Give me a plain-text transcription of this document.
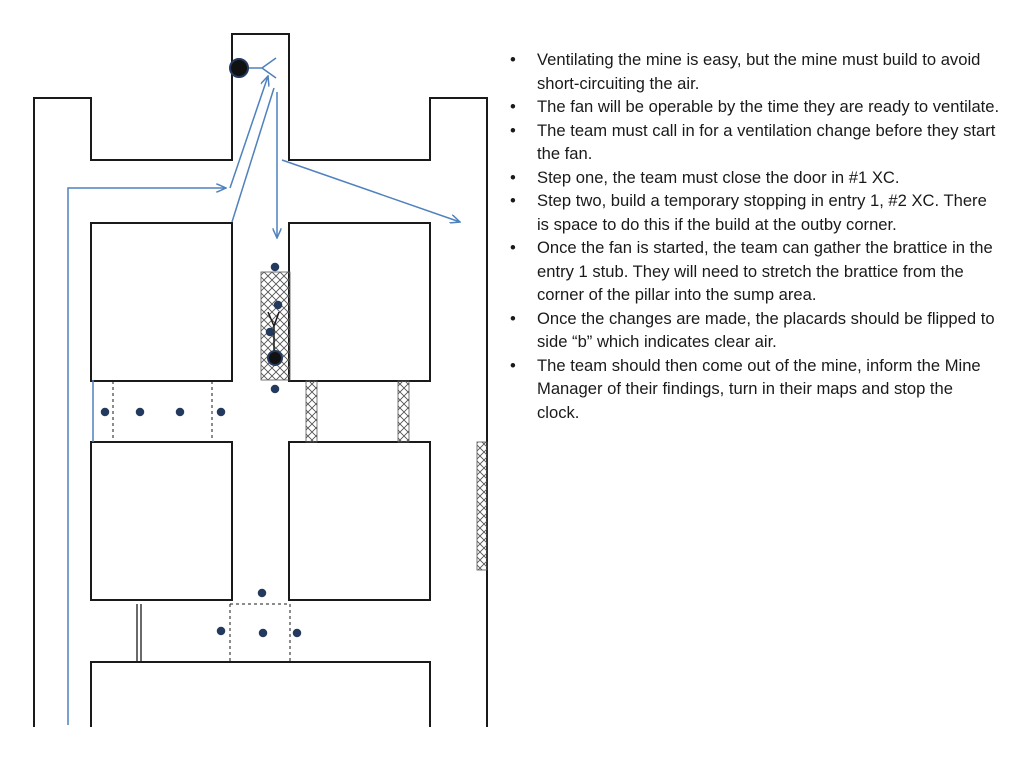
• Ventilating the mine is easy, but the mine must build to avoid short-circuiting the air.
• The fan will be operable by the time they are ready to ventilate.
• The team must call in for a ventilation change before they start the fan.
• Step one, the team must close the door in #1 XC.
• Step two, build a temporary stopping in entry 1, #2 XC. There is space to do this if the build at the outby corner.
• Once the fan is started, the team can gather the brattice in the entry 1 stub. They will need to stretch the brattice from the corner of the pillar into the sump area.
• Once the changes are made, the placards should be flipped to side “b” which indicates clear air.
• The team should then come out of the mine, inform the Mine Manager of their findings, turn in their maps and stop the clock.
